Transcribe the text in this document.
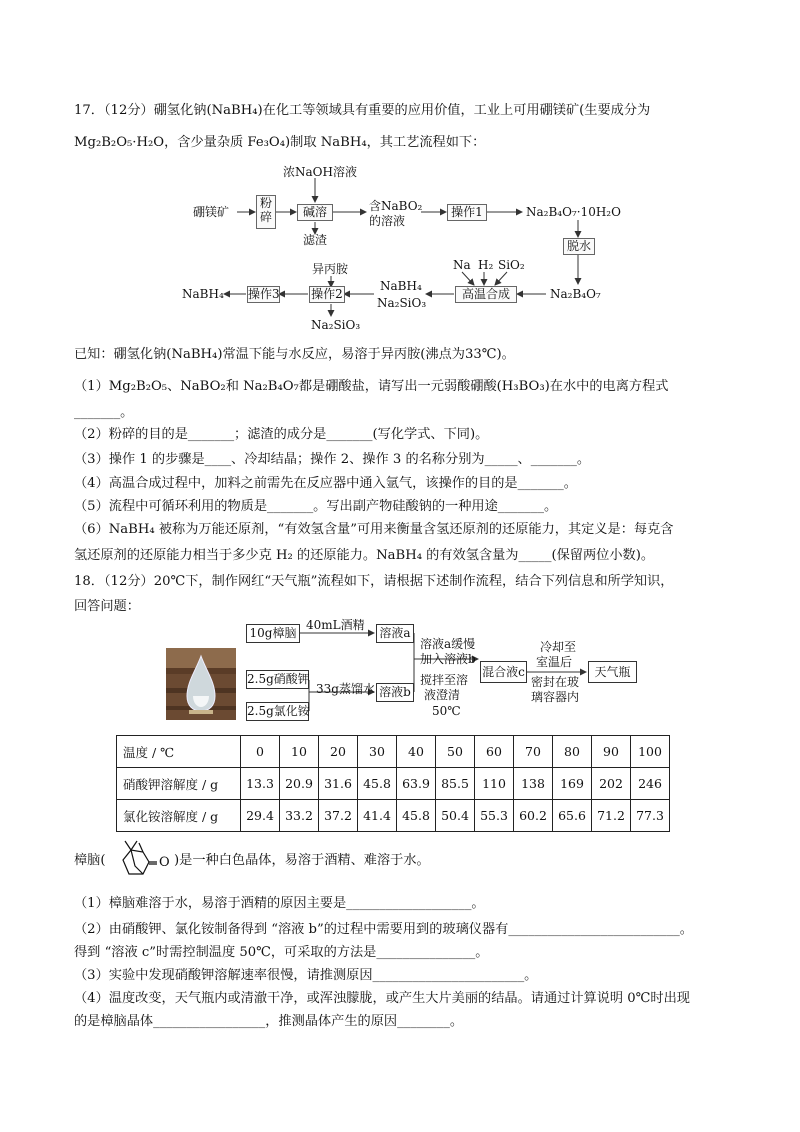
17．（12分）硼氢化钠(NaBH₄)在化工等领域具有重要的应用价值，工业上可用硼镁矿(生要成分为
Mg₂B₂O₅·H₂O，含少量杂质 Fe₃O₄)制取 NaBH₄，其工艺流程如下：
硼镁矿
粉
碎
浓NaOH溶液
碱溶
滤渣
含NaBO₂
的溶液
操作1	Na₂B₄O₇·10H₂O
脱水
Na₂B₄O₇
Na H₂ SiO₂
高温合成
NaBH₄
Na₂SiO₃
异丙胺
操作2
Na₂SiO₃
操作3
NaBH₄
已知：硼氢化钠(NaBH₄)常温下能与水反应，易溶于异丙胺(沸点为33℃)。
（1）Mg₂B₂O₅、NaBO₂和 Na₂B₄O₇都是硼酸盐，请写出一元弱酸硼酸(H₃BO₃)在水中的电离方程式
_______。
（2）粉碎的目的是_______；滤渣的成分是_______(写化学式、下同)。
（3）操作 1 的步骤是____、冷却结晶；操作 2、操作 3 的名称分别为_____、_______。
（4）高温合成过程中，加料之前需先在反应器中通入氩气，该操作的目的是_______。
（5）流程中可循环利用的物质是_______。写出副产物硅酸钠的一种用途_______。
（6）NaBH₄ 被称为万能还原剂，“有效氢含量”可用来衡量含氢还原剂的还原能力，其定义是：每克含
氢还原剂的还原能力相当于多少克 H₂ 的还原能力。NaBH₄ 的有效氢含量为_____(保留两位小数)。
18．（12分）20℃下，制作网红“天气瓶”流程如下，请根据下述制作流程，结合下列信息和所学知识，
回答问题：
10g樟脑
40mL酒精
溶液a
2.5g硝酸钾
33g蒸馏水
2.5g氯化铵
溶液b
溶液a缓慢
加入溶液b
搅拌至溶
液澄清
50℃
混合液c
冷却至
室温后
密封在玻
璃容器内
天气瓶
温度 / ℃	0	10	20	30	40	50	60	70	80	90	100
硝酸钾溶解度 / g	13.3	20.9	31.6	45.8	63.9	85.5	110	138	169	202	246
氯化铵溶解度 / g	29.4	33.2	37.2	41.4	45.8	50.4	55.3	60.2	65.6	71.2	77.3
樟脑(	O )是一种白色晶体，易溶于酒精、难溶于水。
（1）樟脑难溶于水，易溶于酒精的原因主要是___________________。
（2）由硝酸钾、氯化铵制备得到 “溶液 b”的过程中需要用到的玻璃仪器有__________________________。
得到 “溶液 c”时需控制温度 50℃，可采取的方法是_______________。
（3）实验中发现硝酸钾溶解速率很慢，请推测原因_______________________。
（4）温度改变，天气瓶内或清澈干净，或浑浊朦胧，或产生大片美丽的结晶。请通过计算说明 0℃时出现
的是樟脑晶体_________________，推测晶体产生的原因________。
